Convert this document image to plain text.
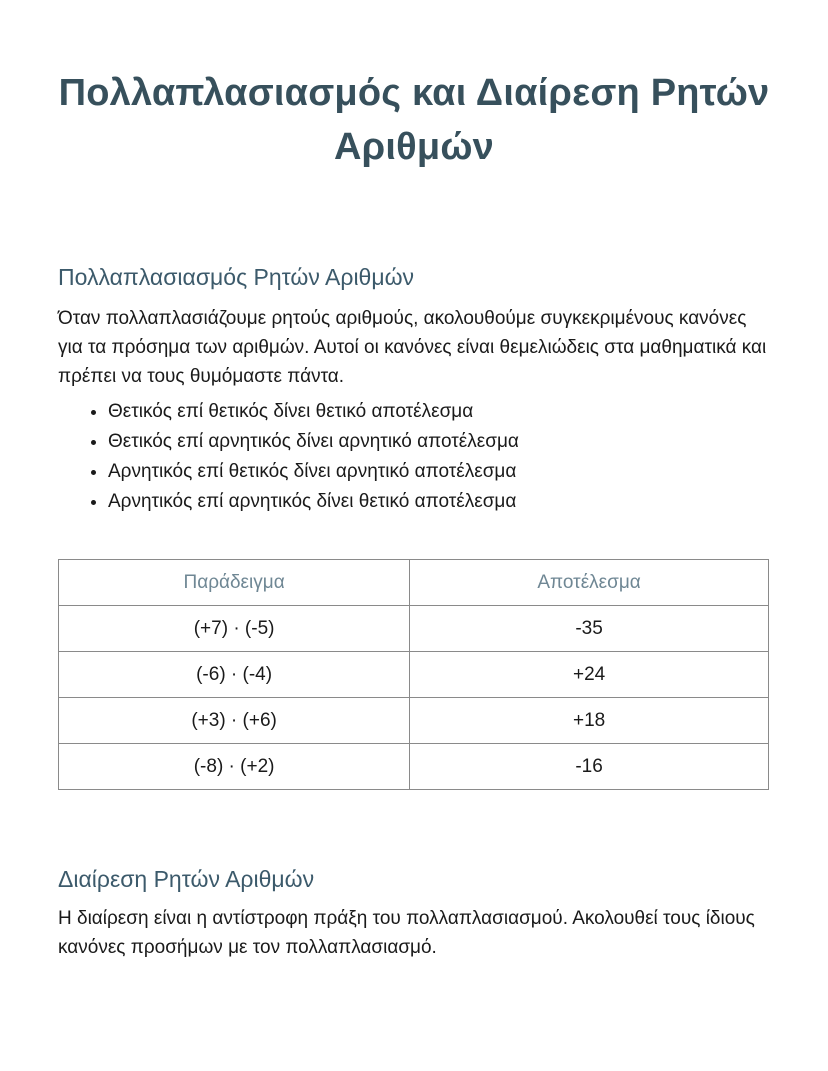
Πολλαπλασιασμός και Διαίρεση Ρητών Αριθμών
Πολλαπλασιασμός Ρητών Αριθμών

Όταν πολλαπλασιάζουμε ρητούς αριθμούς, ακολουθούμε συγκεκριμένους κανόνες για τα πρόσημα των αριθμών. Αυτοί οι κανόνες είναι θεμελιώδεις στα μαθηματικά και πρέπει να τους θυμόμαστε πάντα.

• Θετικός επί θετικός δίνει θετικό αποτέλεσμα
• Θετικός επί αρνητικός δίνει αρνητικό αποτέλεσμα
• Αρνητικός επί θετικός δίνει αρνητικό αποτέλεσμα
• Αρνητικός επί αρνητικός δίνει θετικό αποτέλεσμα
Παράδειγμα	Αποτέλεσμα
(+7) · (-5)	-35
(-6) · (-4)	+24
(+3) · (+6)	+18
(-8) · (+2)	-16
Διαίρεση Ρητών Αριθμών

Η διαίρεση είναι η αντίστροφη πράξη του πολλαπλασιασμού. Ακολουθεί τους ίδιους κανόνες προσήμων με τον πολλαπλασιασμό.
